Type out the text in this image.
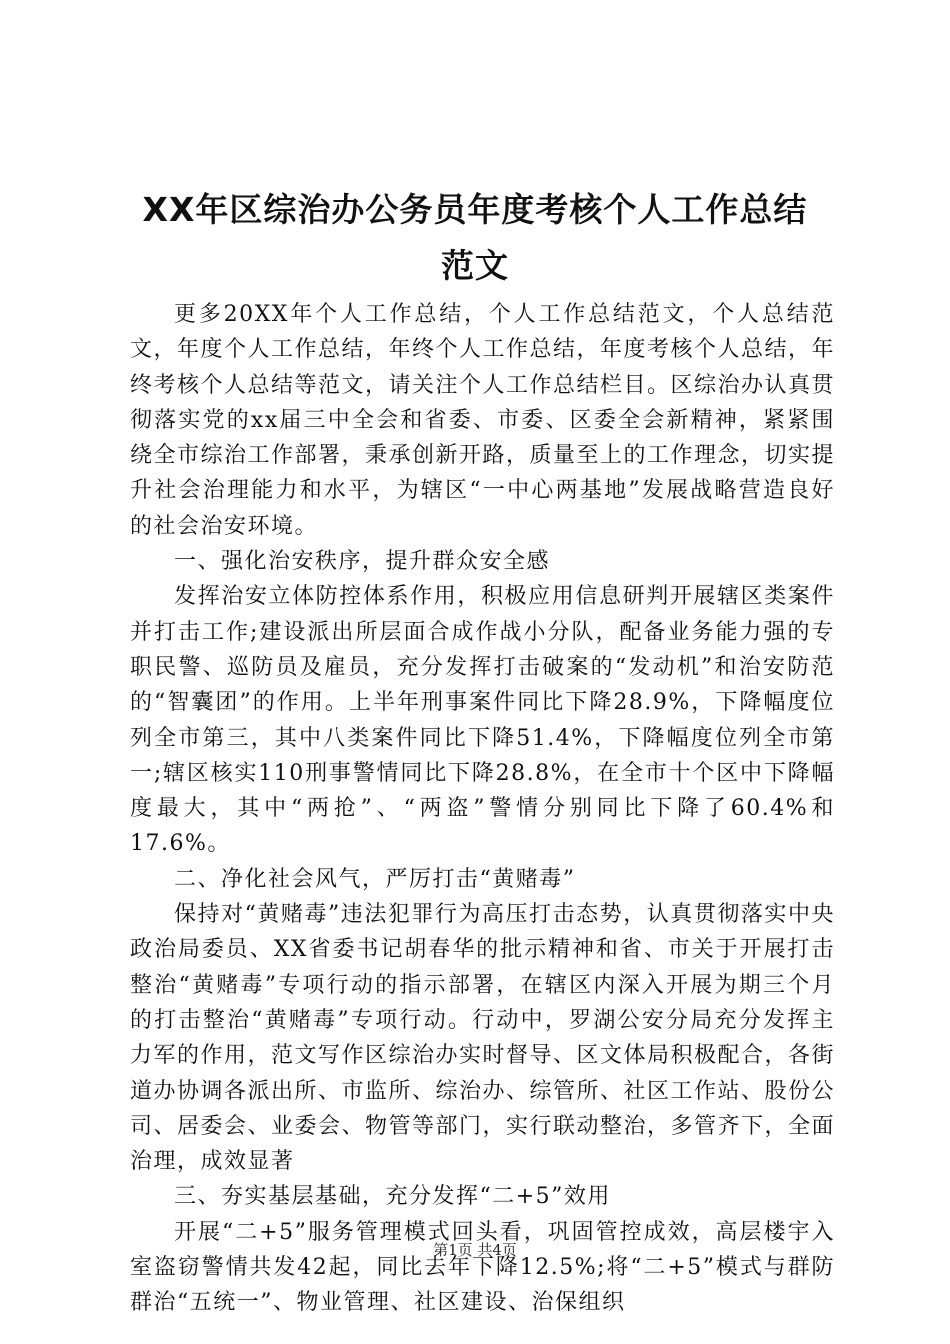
XX年区综治办公务员年度考核个人工作总结
范文

更多20XX年个人工作总结，个人工作总结范文，个人总结范文，年度个人工作总结，年终个人工作总结，年度考核个人总结，年终考核个人总结等范文，请关注个人工作总结栏目。区综治办认真贯彻落实党的xx届三中全会和省委、市委、区委全会新精神，紧紧围绕全市综治工作部署，秉承创新开路，质量至上的工作理念，切实提升社会治理能力和水平，为辖区“一中心两基地”发展战略营造良好的社会治安环境。

一、强化治安秩序，提升群众安全感

发挥治安立体防控体系作用，积极应用信息研判开展辖区类案件并打击工作;建设派出所层面合成作战小分队，配备业务能力强的专职民警、巡防员及雇员，充分发挥打击破案的“发动机”和治安防范的“智囊团”的作用。上半年刑事案件同比下降28.9%，下降幅度位列全市第三，其中八类案件同比下降51.4%，下降幅度位列全市第一;辖区核实110刑事警情同比下降28.8%，在全市十个区中下降幅度最大，其中“两抢”、“两盗”警情分别同比下降了60.4%和17.6%。

二、净化社会风气，严厉打击“黄赌毒”

保持对“黄赌毒”违法犯罪行为高压打击态势，认真贯彻落实中央政治局委员、XX省委书记胡春华的批示精神和省、市关于开展打击整治“黄赌毒”专项行动的指示部署，在辖区内深入开展为期三个月的打击整治“黄赌毒”专项行动。行动中，罗湖公安分局充分发挥主力军的作用，范文写作区综治办实时督导、区文体局积极配合，各街道办协调各派出所、市监所、综治办、综管所、社区工作站、股份公司、居委会、业委会、物管等部门，实行联动整治，多管齐下，全面治理，成效显著

三、夯实基层基础，充分发挥“二+5”效用

开展“二+5”服务管理模式回头看，巩固管控成效，高层楼宇入室盗窃警情共发42起，同比去年下降12.5%;将“二+5”模式与群防群治“五统一”、物业管理、社区建设、治保组织

第1页 共4页
